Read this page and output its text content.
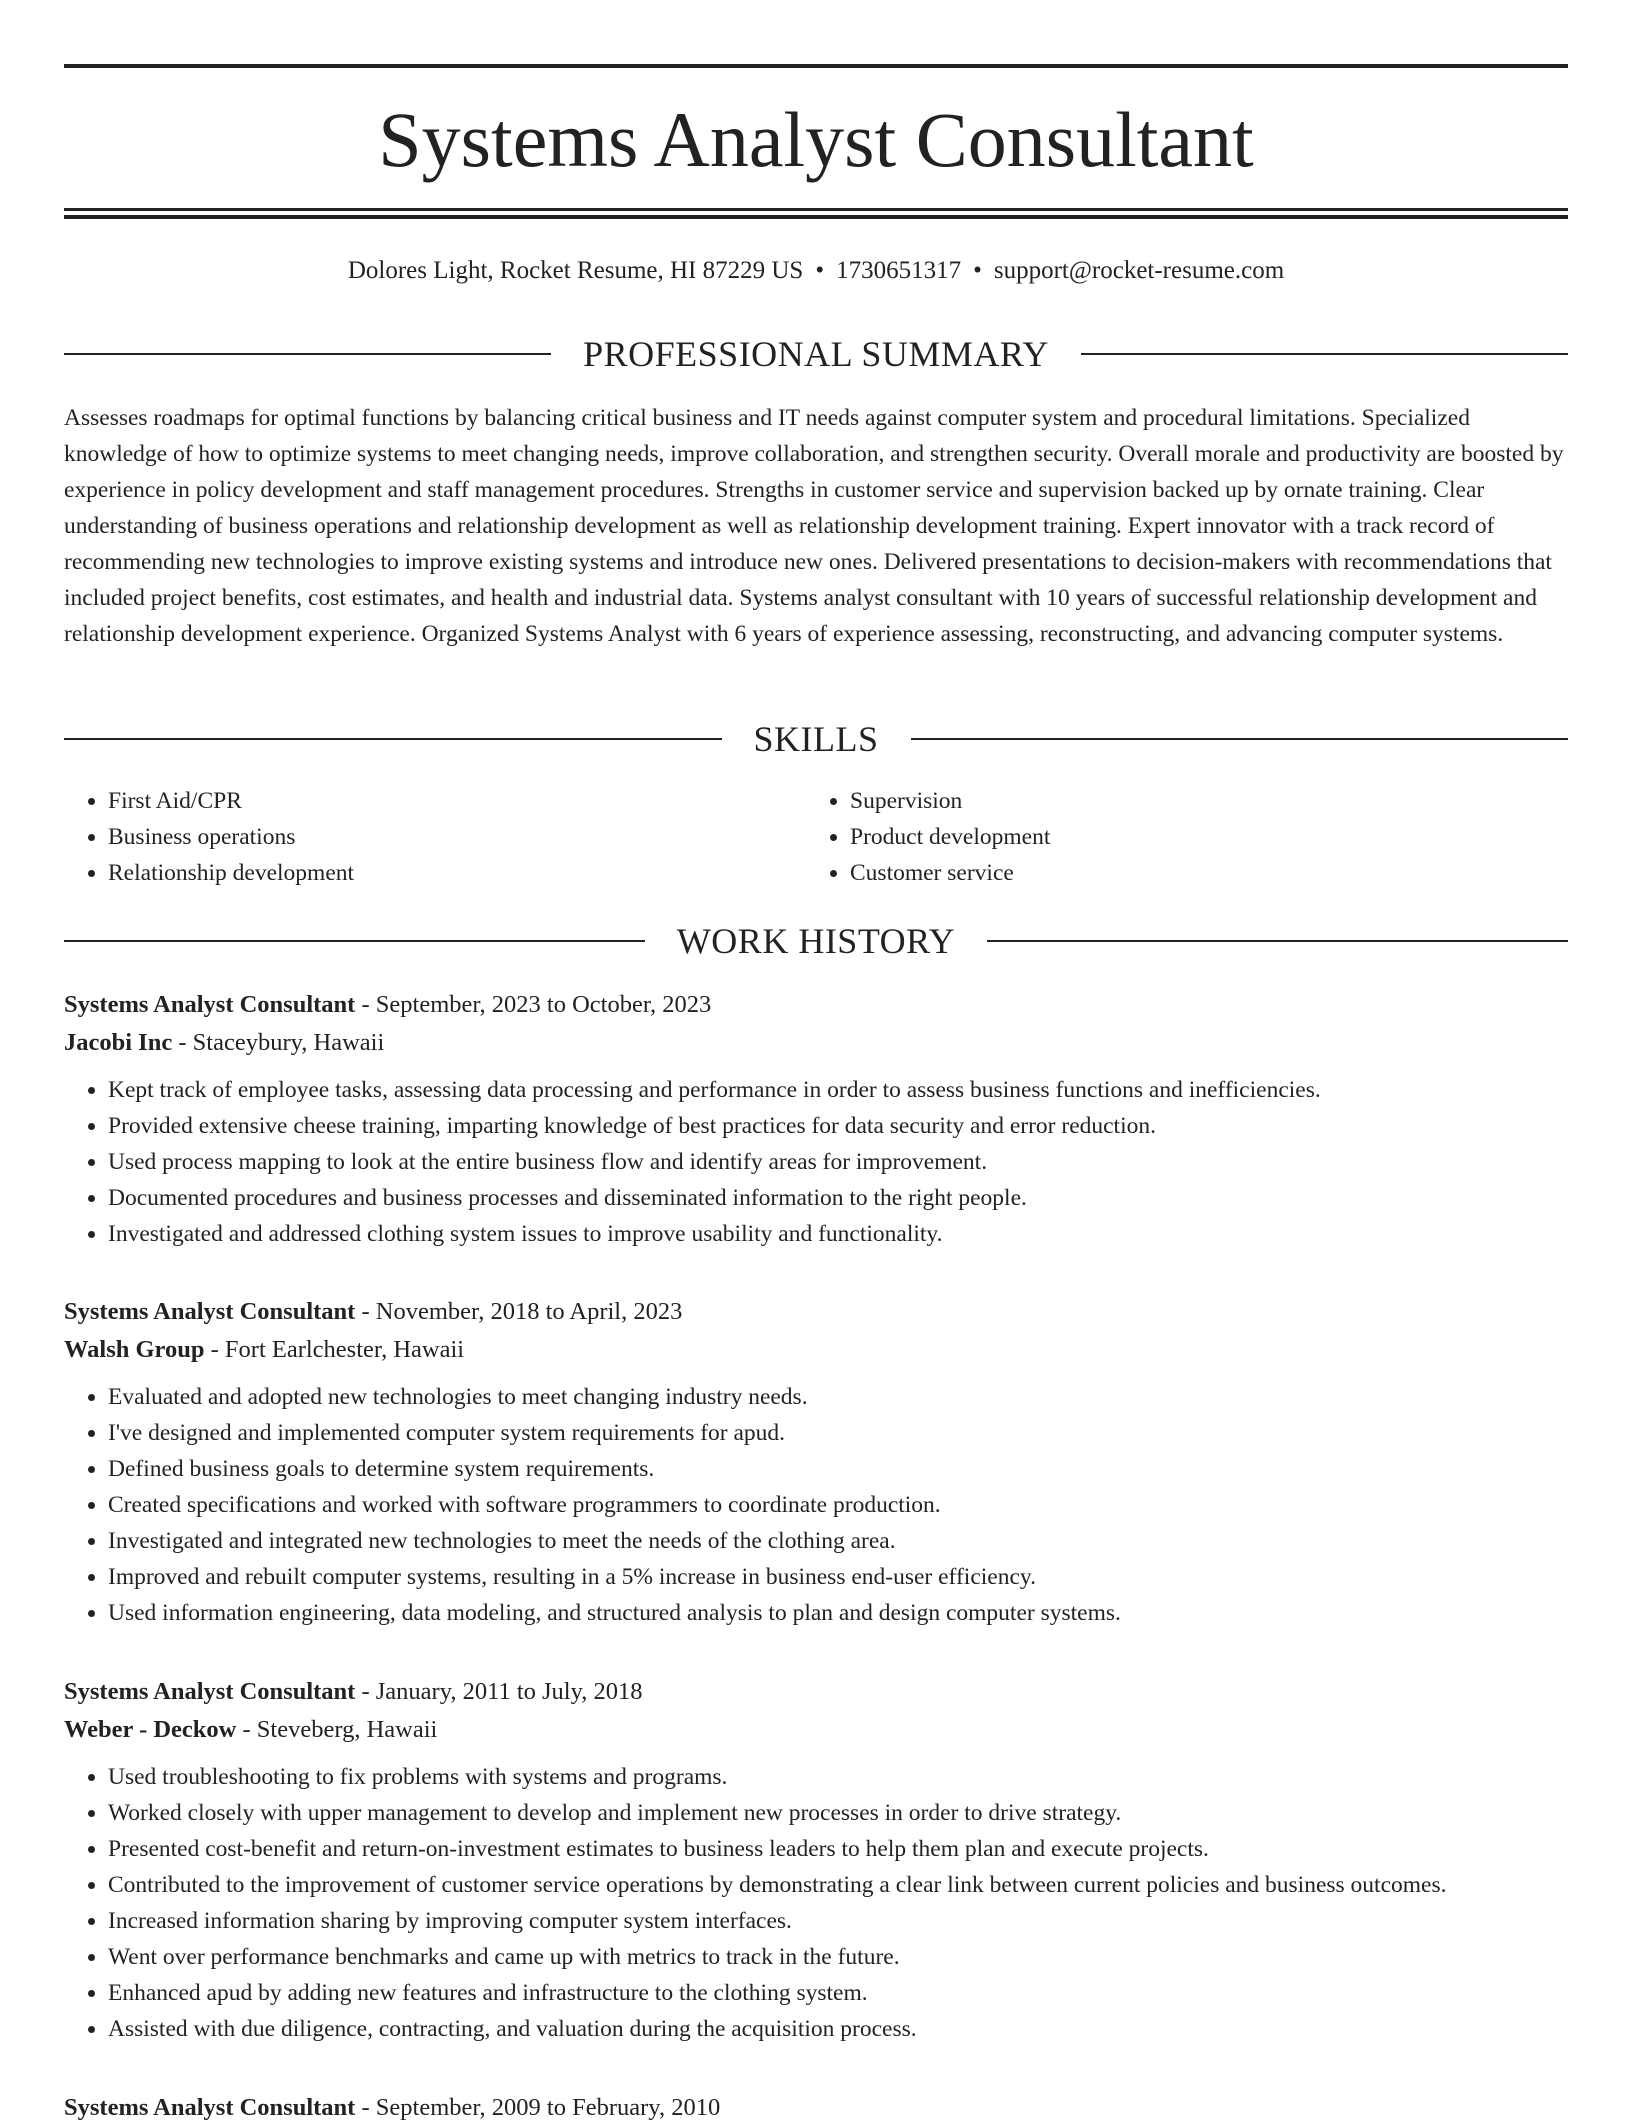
Systems Analyst Consultant
Dolores Light, Rocket Resume, HI 87229 US • 1730651317 • support@rocket-resume.com
PROFESSIONAL SUMMARY

Assesses roadmaps for optimal functions by balancing critical business and IT needs against computer system and procedural limitations. Specialized knowledge of how to optimize systems to meet changing needs, improve collaboration, and strengthen security. Overall morale and productivity are boosted by experience in policy development and staff management procedures. Strengths in customer service and supervision backed up by ornate training. Clear understanding of business operations and relationship development as well as relationship development training. Expert innovator with a track record of recommending new technologies to improve existing systems and introduce new ones. Delivered presentations to decision-makers with recommendations that included project benefits, cost estimates, and health and industrial data. Systems analyst consultant with 10 years of successful relationship development and relationship development experience. Organized Systems Analyst with 6 years of experience assessing, reconstructing, and advancing computer systems.

SKILLS
• First Aid/CPR
• Business operations
• Relationship development
• Supervision
• Product development
• Customer service
WORK HISTORY
Systems Analyst Consultant - September, 2023 to October, 2023
Jacobi Inc - Staceybury, Hawaii
• Kept track of employee tasks, assessing data processing and performance in order to assess business functions and inefficiencies.
• Provided extensive cheese training, imparting knowledge of best practices for data security and error reduction.
• Used process mapping to look at the entire business flow and identify areas for improvement.
• Documented procedures and business processes and disseminated information to the right people.
• Investigated and addressed clothing system issues to improve usability and functionality.
Systems Analyst Consultant - November, 2018 to April, 2023
Walsh Group - Fort Earlchester, Hawaii
• Evaluated and adopted new technologies to meet changing industry needs.
• I've designed and implemented computer system requirements for apud.
• Defined business goals to determine system requirements.
• Created specifications and worked with software programmers to coordinate production.
• Investigated and integrated new technologies to meet the needs of the clothing area.
• Improved and rebuilt computer systems, resulting in a 5% increase in business end-user efficiency.
• Used information engineering, data modeling, and structured analysis to plan and design computer systems.
Systems Analyst Consultant - January, 2011 to July, 2018
Weber - Deckow - Steveberg, Hawaii
• Used troubleshooting to fix problems with systems and programs.
• Worked closely with upper management to develop and implement new processes in order to drive strategy.
• Presented cost-benefit and return-on-investment estimates to business leaders to help them plan and execute projects.
• Contributed to the improvement of customer service operations by demonstrating a clear link between current policies and business outcomes.
• Increased information sharing by improving computer system interfaces.
• Went over performance benchmarks and came up with metrics to track in the future.
• Enhanced apud by adding new features and infrastructure to the clothing system.
• Assisted with due diligence, contracting, and valuation during the acquisition process.
Systems Analyst Consultant - September, 2009 to February, 2010
